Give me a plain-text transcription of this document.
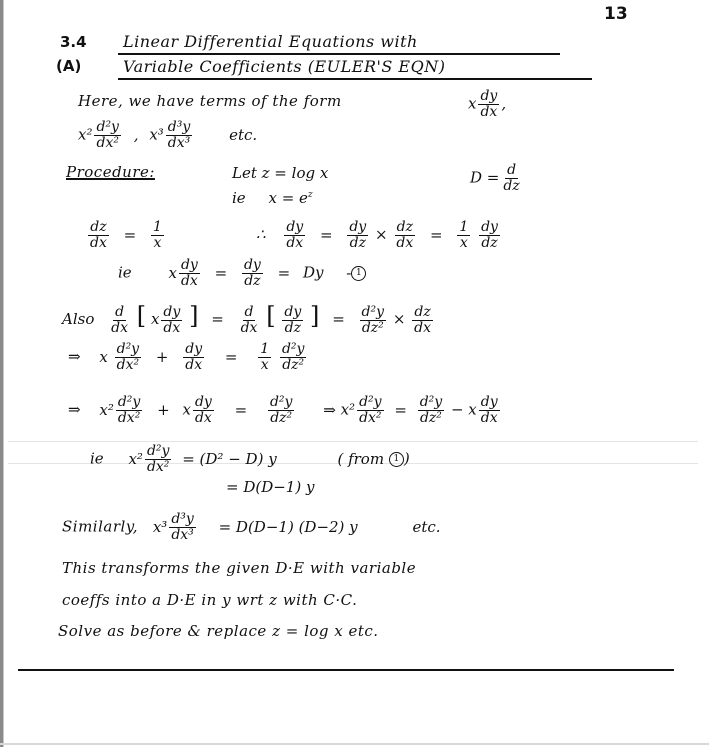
13
3.4 Linear Differential Equations with
(A)	Variable Coefficients (EULER'S EQN)
Here, we have terms of the form	x $\frac{dy}{dx}$ ,
$x^2 \frac{\text{d²y}}{\text{dx²}}$ , $x^3 \frac{\text{d³y}}{\text{dx³}}$ etc.
Procedure:	Let z = log x
ie $x = e^z$
$D = \frac{d}{dz}$
$\frac{dz}{dx} = \frac{1}{x}$	∴ $\frac{dy}{dx} = \frac{dy}{dz} \times \frac{dz}{dx} = \frac{1}{x}$
$\frac{dy}{dz}$
ie x $\frac{dy}{dx} = \frac{dy}{dz} = Dy - 1$
Also $\frac{d}{dx}$ [ x $\frac{dy}{dx}$ ] = $\frac{d}{dx}$ [ $\frac{dy}{dz}$ ] = $\frac{\text{d²y}}{\text{dz²}} \times \frac{dz}{dx}$
⇒ x $\frac{\text{d²y}}{\text{dx²}} + \frac{dy}{dx} = \frac{1}{x}$
$\frac{\text{d²y}}{\text{dz²}}$
⇒ $x^2 \frac{\text{d²y}}{\text{dx²}} + x \frac{dy}{dx} = \frac{\text{d²y}}{\text{dz²}}$ ⇒ $x^2 \frac{\text{d²y}}{\text{dx²}} = \frac{\text{d²y}}{\text{dz²}} - x \frac{dy}{dx}$
ie $x^2 \frac{\text{d²y}}{\text{dx²}} = (D^2 - D)$ y	( from 1 )
= D(D−1) y
Similarly, $x^3 \frac{\text{d³y}}{\text{dx³}} = D(D-1)$ (D−2) y	etc.
This transforms the given D·E with variable
coeffs into a D·E in y wrt z with C·C.
Solve as before & replace z = log x etc.
